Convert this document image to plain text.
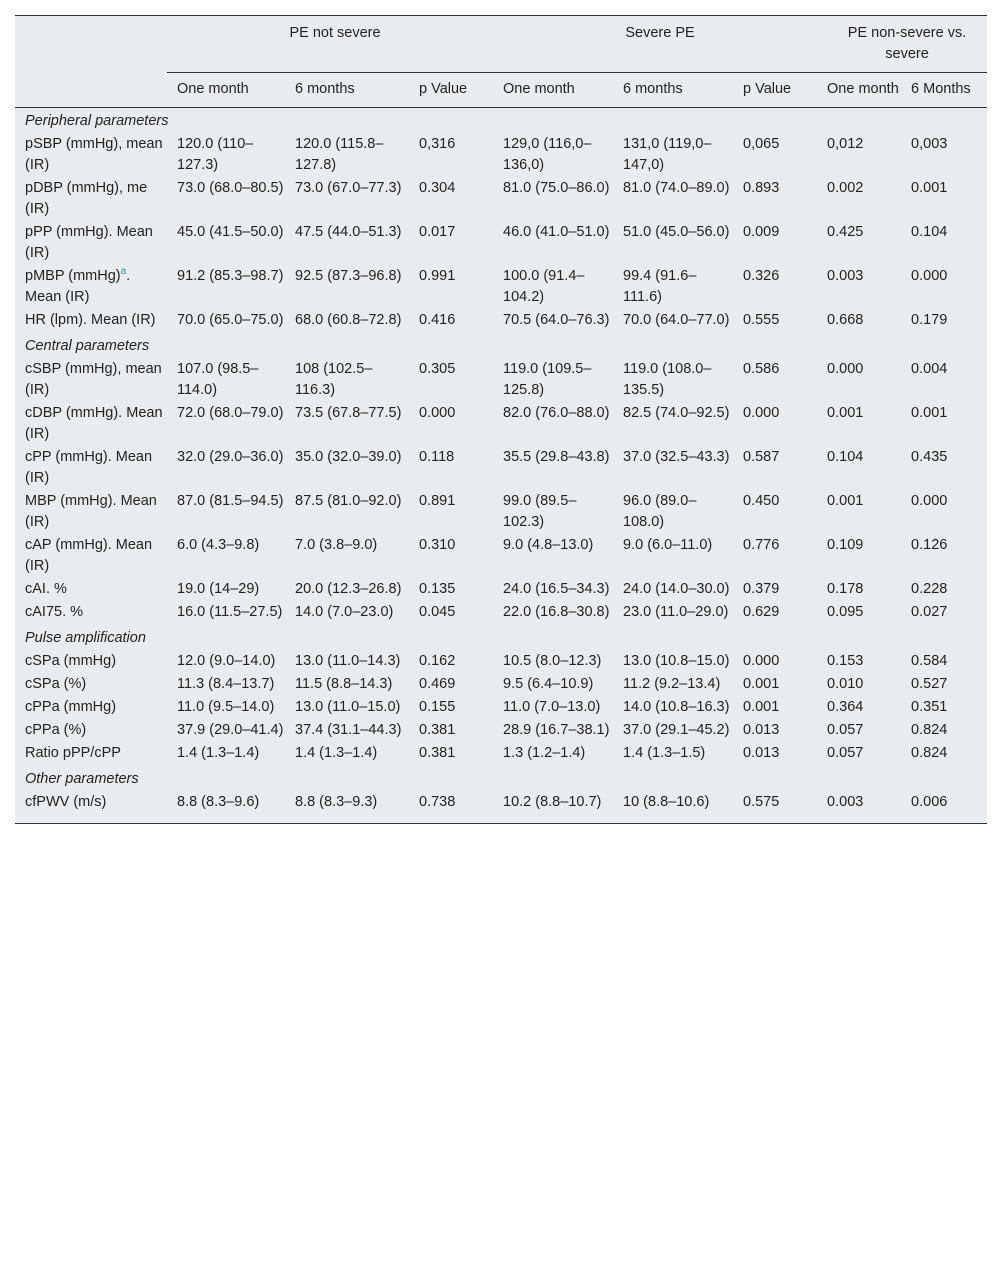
	PE not severe			Severe PE			PE non-severe vs. severe	
	One month	6 months	p Value	One month	6 months	p Value	One month	6 Months
Peripheral parameters								
pSBP (mmHg), mean (IR)	120.0 (110–127.3)	120.0 (115.8–127.8)	0,316	129,0 (116,0–136,0)	131,0 (119,0–147,0)	0,065	0,012	0,003
pDBP (mmHg), me (IR)	73.0 (68.0–80.5)	73.0 (67.0–77.3)	0.304	81.0 (75.0–86.0)	81.0 (74.0–89.0)	0.893	0.002	0.001
pPP (mmHg). Mean (IR)	45.0 (41.5–50.0)	47.5 (44.0–51.3)	0.017	46.0 (41.0–51.0)	51.0 (45.0–56.0)	0.009	0.425	0.104
pMBP (mmHg)$^a$. Mean (IR)	91.2 (85.3–98.7)	92.5 (87.3–96.8)	0.991	100.0 (91.4–104.2)	99.4 (91.6–111.6)	0.326	0.003	0.000
HR (lpm). Mean (IR)	70.0 (65.0–75.0)	68.0 (60.8–72.8)	0.416	70.5 (64.0–76.3)	70.0 (64.0–77.0)	0.555	0.668	0.179
Central parameters								
cSBP (mmHg), mean (IR)	107.0 (98.5–114.0)	108 (102.5–116.3)	0.305	119.0 (109.5–125.8)	119.0 (108.0–135.5)	0.586	0.000	0.004
cDBP (mmHg). Mean (IR)	72.0 (68.0–79.0)	73.5 (67.8–77.5)	0.000	82.0 (76.0–88.0)	82.5 (74.0–92.5)	0.000	0.001	0.001
cPP (mmHg). Mean (IR)	32.0 (29.0–36.0)	35.0 (32.0–39.0)	0.118	35.5 (29.8–43.8)	37.0 (32.5–43.3)	0.587	0.104	0.435
MBP (mmHg). Mean (IR)	87.0 (81.5–94.5)	87.5 (81.0–92.0)	0.891	99.0 (89.5–102.3)	96.0 (89.0–108.0)	0.450	0.001	0.000
cAP (mmHg). Mean (IR)	6.0 (4.3–9.8)	7.0 (3.8–9.0)	0.310	9.0 (4.8–13.0)	9.0 (6.0–11.0)	0.776	0.109	0.126
cAI. %	19.0 (14–29)	20.0 (12.3–26.8)	0.135	24.0 (16.5–34.3)	24.0 (14.0–30.0)	0.379	0.178	0.228
cAI75. %	16.0 (11.5–27.5)	14.0 (7.0–23.0)	0.045	22.0 (16.8–30.8)	23.0 (11.0–29.0)	0.629	0.095	0.027
Pulse amplification								
cSPa (mmHg)	12.0 (9.0–14.0)	13.0 (11.0–14.3)	0.162	10.5 (8.0–12.3)	13.0 (10.8–15.0)	0.000	0.153	0.584
cSPa (%)	11.3 (8.4–13.7)	11.5 (8.8–14.3)	0.469	9.5 (6.4–10.9)	11.2 (9.2–13.4)	0.001	0.010	0.527
cPPa (mmHg)	11.0 (9.5–14.0)	13.0 (11.0–15.0)	0.155	11.0 (7.0–13.0)	14.0 (10.8–16.3)	0.001	0.364	0.351
cPPa (%)	37.9 (29.0–41.4)	37.4 (31.1–44.3)	0.381	28.9 (16.7–38.1)	37.0 (29.1–45.2)	0.013	0.057	0.824
Ratio pPP/cPP	1.4 (1.3–1.4)	1.4 (1.3–1.4)	0.381	1.3 (1.2–1.4)	1.4 (1.3–1.5)	0.013	0.057	0.824
Other parameters								
cfPWV (m/s)	8.8 (8.3–9.6)	8.8 (8.3–9.3)	0.738	10.2 (8.8–10.7)	10 (8.8–10.6)	0.575	0.003	0.006
